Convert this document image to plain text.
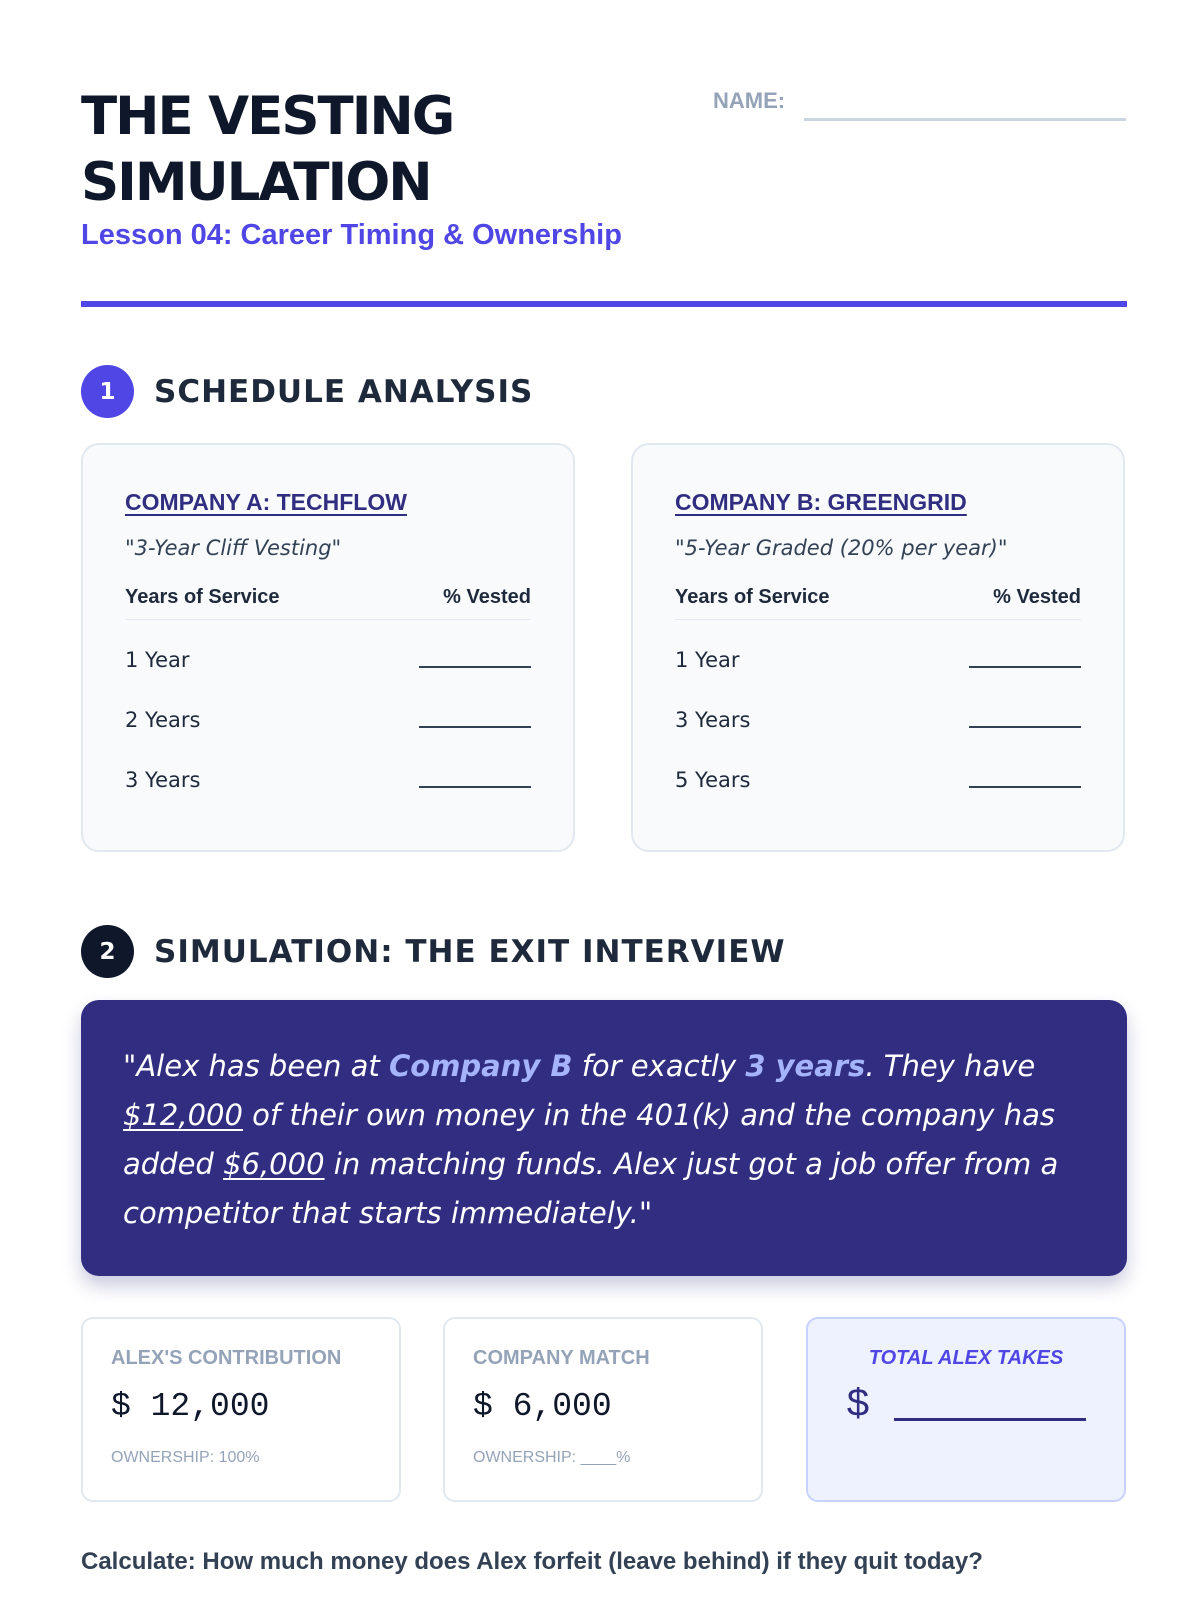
THE VESTING SIMULATION
Lesson 04: Career Timing & Ownership
NAME:
1	SCHEDULE ANALYSIS
COMPANY A: TECHFLOW
"3-Year Cliff Vesting"
Years of Service	% Vested
1 Year
2 Years
3 Years
COMPANY B: GREENGRID
"5-Year Graded (20% per year)"
Years of Service	% Vested
1 Year
3 Years
5 Years
2	SIMULATION: THE EXIT INTERVIEW
"Alex has been at Company B for exactly 3 years. They have $12,000 of their own money in the 401(k) and the company has added $6,000 in matching funds. Alex just got a job offer from a competitor that starts immediately."
ALEX'S CONTRIBUTION
$ 12,000
OWNERSHIP: 100%
COMPANY MATCH
$ 6,000
OWNERSHIP: ____%
TOTAL ALEX TAKES
$
Calculate: How much money does Alex forfeit (leave behind) if they quit today?
